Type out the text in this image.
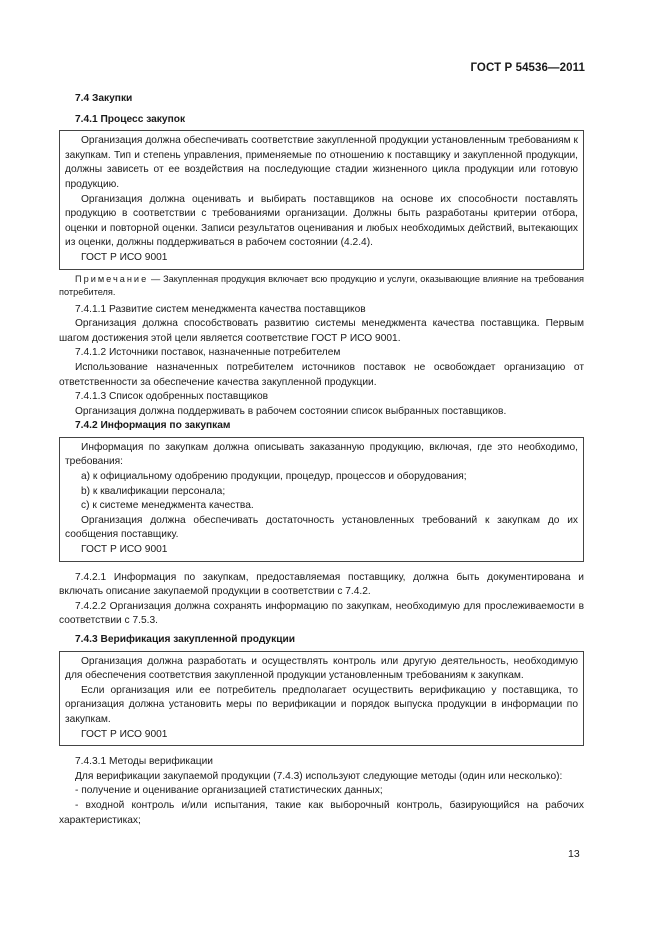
ГОСТ Р 54536—2011
7.4 Закупки
7.4.1 Процесс закупок
Организация должна обеспечивать соответствие закупленной продукции установленным требованиям к закупкам. Тип и степень управления, применяемые по отношению к поставщику и закупленной продукции, должны зависеть от ее воздействия на последующие стадии жизненного цикла продукции или готовую продукцию.
Организация должна оценивать и выбирать поставщиков на основе их способности поставлять продукцию в соответствии с требованиями организации. Должны быть разработаны критерии отбора, оценки и повторной оценки. Записи результатов оценивания и любых необходимых действий, вытекающих из оценки, должны поддерживаться в рабочем состоянии (4.2.4).
ГОСТ Р ИСО 9001
Примечание — Закупленная продукция включает всю продукцию и услуги, оказывающие влияние на требования потребителя.
7.4.1.1 Развитие систем менеджмента качества поставщиков
Организация должна способствовать развитию системы менеджмента качества поставщика. Первым шагом достижения этой цели является соответствие ГОСТ Р ИСО 9001.
7.4.1.2 Источники поставок, назначенные потребителем
Использование назначенных потребителем источников поставок не освобождает организацию от ответственности за обеспечение качества закупленной продукции.
7.4.1.3 Список одобренных поставщиков
Организация должна поддерживать в рабочем состоянии список выбранных поставщиков.
7.4.2 Информация по закупкам
Информация по закупкам должна описывать заказанную продукцию, включая, где это необходимо, требования:
a) к официальному одобрению продукции, процедур, процессов и оборудования;
b) к квалификации персонала;
c) к системе менеджмента качества.
Организация должна обеспечивать достаточность установленных требований к закупкам до их сообщения поставщику.
ГОСТ Р ИСО 9001
7.4.2.1 Информация по закупкам, предоставляемая поставщику, должна быть документирована и включать описание закупаемой продукции в соответствии с 7.4.2.
7.4.2.2 Организация должна сохранять информацию по закупкам, необходимую для прослеживаемости в соответствии с 7.5.3.
7.4.3 Верификация закупленной продукции
Организация должна разработать и осуществлять контроль или другую деятельность, необходимую для обеспечения соответствия закупленной продукции установленным требованиям к закупкам.
Если организация или ее потребитель предполагает осуществить верификацию у поставщика, то организация должна установить меры по верификации и порядок выпуска продукции в информации по закупкам.
ГОСТ Р ИСО 9001
7.4.3.1 Методы верификации
Для верификации закупаемой продукции (7.4.3) используют следующие методы (один или несколько):
- получение и оценивание организацией статистических данных;
- входной контроль и/или испытания, такие как выборочный контроль, базирующийся на рабочих характеристиках;
13
